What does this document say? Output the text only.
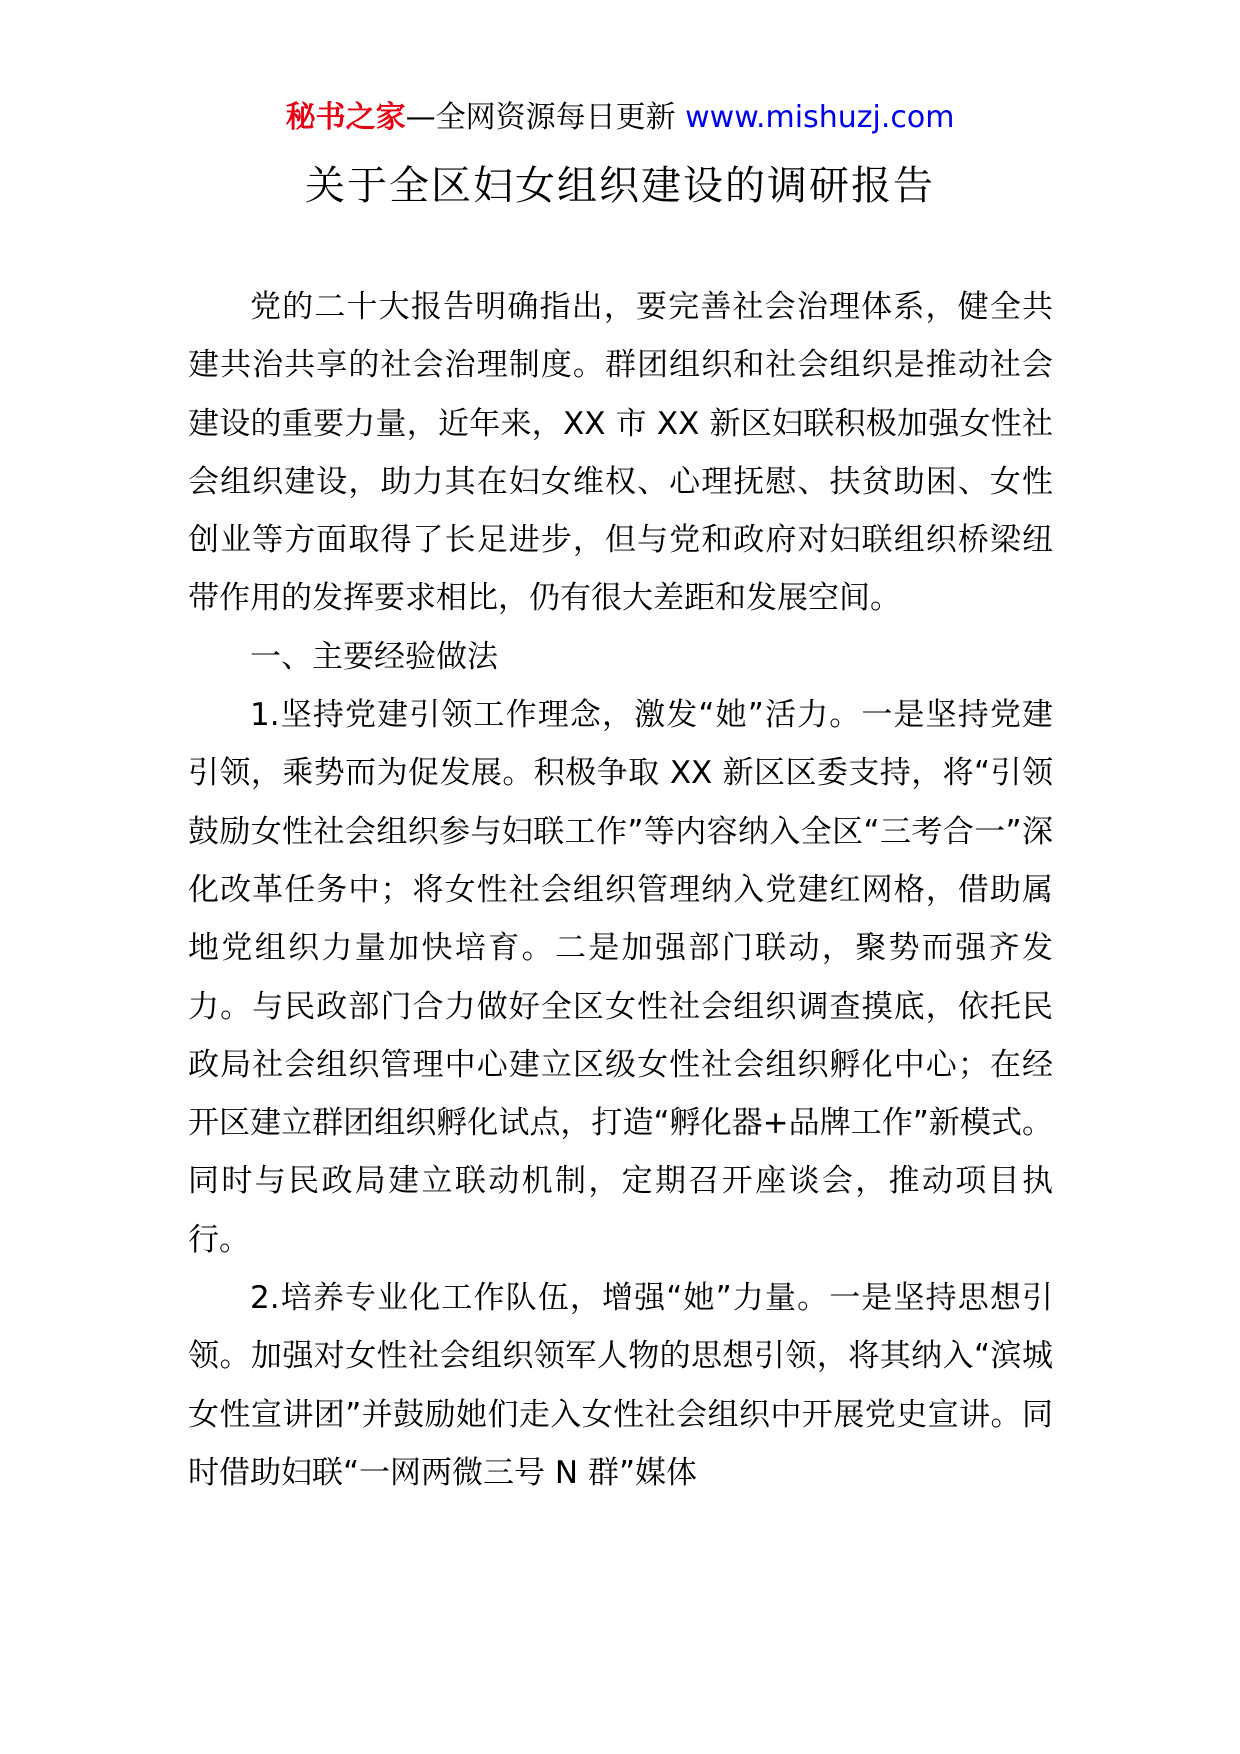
秘书之家—全网资源每日更新 www.mishuzj.com
关于全区妇女组织建设的调研报告

党的二十大报告明确指出，要完善社会治理体系，健全共建共治共享的社会治理制度。群团组织和社会组织是推动社会建设的重要力量，近年来，XX 市 XX 新区妇联积极加强女性社会组织建设，助力其在妇女维权、心理抚慰、扶贫助困、女性创业等方面取得了长足进步，但与党和政府对妇联组织桥梁纽带作用的发挥要求相比，仍有很大差距和发展空间。

一、主要经验做法

1.坚持党建引领工作理念，激发“她”活力。一是坚持党建引领，乘势而为促发展。积极争取 XX 新区区委支持，将“引领鼓励女性社会组织参与妇联工作”等内容纳入全区“三考合一”深化改革任务中；将女性社会组织管理纳入党建红网格，借助属地党组织力量加快培育。二是加强部门联动，聚势而强齐发力。与民政部门合力做好全区女性社会组织调查摸底，依托民政局社会组织管理中心建立区级女性社会组织孵化中心；在经开区建立群团组织孵化试点，打造“孵化器+品牌工作”新模式。同时与民政局建立联动机制，定期召开座谈会，推动项目执行。

2.培养专业化工作队伍，增强“她”力量。一是坚持思想引领。加强对女性社会组织领军人物的思想引领，将其纳入“滨城女性宣讲团”并鼓励她们走入女性社会组织中开展党史宣讲。同时借助妇联“一网两微三号 N 群”媒体
